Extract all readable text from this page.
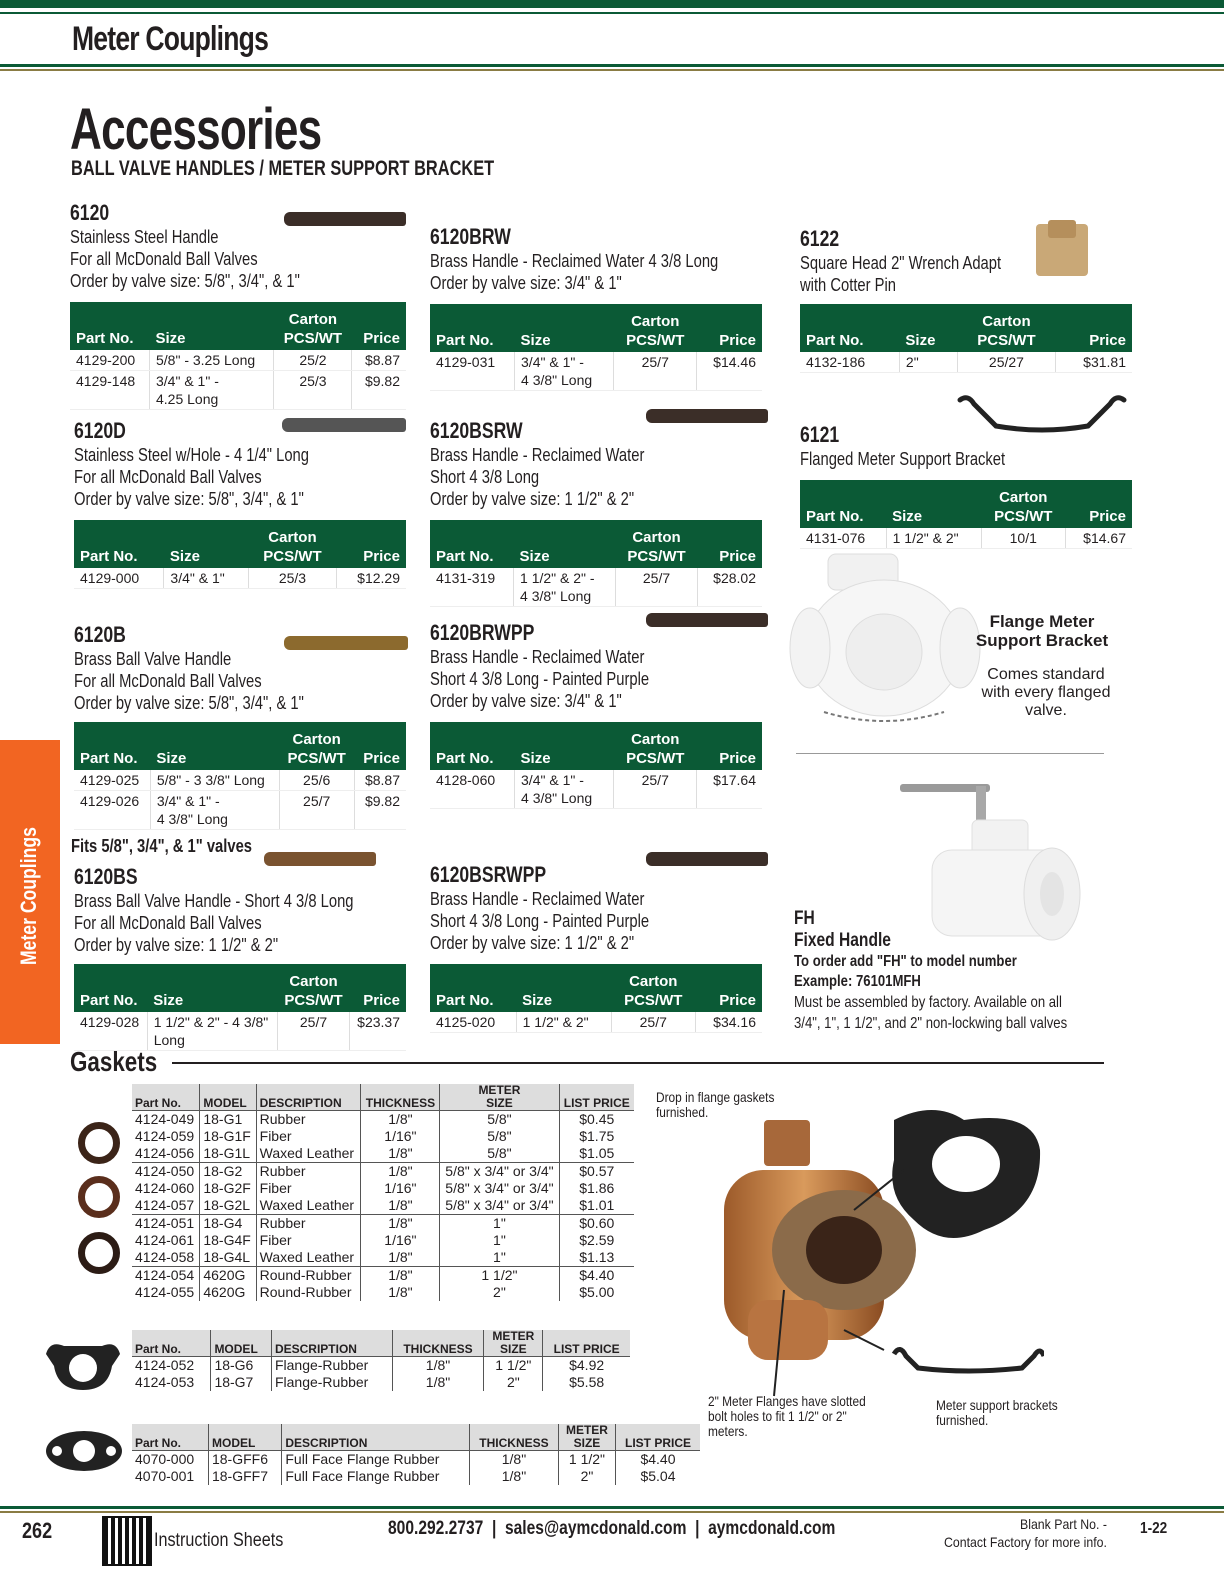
Meter Couplings
Accessories
BALL VALVE HANDLES / METER SUPPORT BRACKET
6120
Stainless Steel Handle
For all McDonald Ball Valves
Order by valve size: 5/8", 3/4", & 1"
Part No.	Size	Carton
PCS/WT	Price
4129-200	5/8" - 3.25 Long	25/2	$8.87
4129-148	3/4" & 1" -
4.25 Long	25/3	$9.82
6120D
Stainless Steel w/Hole - 4 1/4" Long
For all McDonald Ball Valves
Order by valve size: 5/8", 3/4", & 1"
Part No.	Size	Carton
PCS/WT	Price
4129-000	3/4" & 1"	25/3	$12.29
6120B
Brass Ball Valve Handle
For all McDonald Ball Valves
Order by valve size: 5/8", 3/4", & 1"
Part No.	Size	Carton
PCS/WT	Price
4129-025	5/8" - 3 3/8" Long	25/6	$8.87
4129-026	3/4" & 1" -
4 3/8" Long	25/7	$9.82
6120BS
Brass Ball Valve Handle - Short 4 3/8 Long
For all McDonald Ball Valves
Order by valve size: 1 1/2" & 2"
Part No.	Size	Carton
PCS/WT	Price
4129-028	1 1/2" & 2" - 4 3/8"
Long	25/7	$23.37
6120BRW
Brass Handle - Reclaimed Water 4 3/8 Long
Order by valve size: 3/4" & 1"
Part No.	Size	Carton
PCS/WT	Price
4129-031	3/4" & 1" -
4 3/8" Long	25/7	$14.46
6120BSRW
Brass Handle - Reclaimed Water
Short 4 3/8 Long
Order by valve size: 1 1/2" & 2"
Part No.	Size	Carton
PCS/WT	Price
4131-319	1 1/2" & 2" -
4 3/8" Long	25/7	$28.02
6120BRWPP
Brass Handle - Reclaimed Water
Short 4 3/8 Long - Painted Purple
Order by valve size: 3/4" & 1"
Part No.	Size	Carton
PCS/WT	Price
4128-060	3/4" & 1" -
4 3/8" Long	25/7	$17.64
6120BSRWPP
Brass Handle - Reclaimed Water
Short 4 3/8 Long - Painted Purple
Order by valve size: 1 1/2" & 2"
Part No.	Size	Carton
PCS/WT	Price
4125-020	1 1/2" & 2"	25/7	$34.16
6122
Square Head 2" Wrench Adapt
with Cotter Pin
Part No.	Size	Carton
PCS/WT	Price
4132-186	2"	25/27	$31.81
6121
Flanged Meter Support Bracket
Part No.	Size	Carton
PCS/WT	Price
4131-076	1 1/2" & 2"	10/1	$14.67
Fits 5/8", 3/4", & 1" valves
Flange Meter
Support Bracket
Comes standard
with every flanged
valve.
FH
Fixed Handle
To order add "FH" to model number
Example: 76101MFH
Must be assembled by factory. Available on all
3/4", 1", 1 1/2", and 2" non-lockwing ball valves
Meter Couplings
Gaskets
Part No.	MODEL	DESCRIPTION	THICKNESS	METER
SIZE	LIST PRICE
4124-049	18-G1	Rubber	1/8"	5/8"	$0.45
4124-059	18-G1F	Fiber	1/16"	5/8"	$1.75
4124-056	18-G1L	Waxed Leather	1/8"	5/8"	$1.05
4124-050	18-G2	Rubber	1/8"	5/8" x 3/4" or 3/4"	$0.57
4124-060	18-G2F	Fiber	1/16"	5/8" x 3/4" or 3/4"	$1.86
4124-057	18-G2L	Waxed Leather	1/8"	5/8" x 3/4" or 3/4"	$1.01
4124-051	18-G4	Rubber	1/8"	1"	$0.60
4124-061	18-G4F	Fiber	1/16"	1"	$2.59
4124-058	18-G4L	Waxed Leather	1/8"	1"	$1.13
4124-054	4620G	Round-Rubber	1/8"	1 1/2"	$4.40
4124-055	4620G	Round-Rubber	1/8"	2"	$5.00
Part No.	MODEL	DESCRIPTION	THICKNESS	METER
SIZE	LIST PRICE
4124-052	18-G6	Flange-Rubber	1/8"	1 1/2"	$4.92
4124-053	18-G7	Flange-Rubber	1/8"	2"	$5.58
Part No.	MODEL	DESCRIPTION	THICKNESS	METER
SIZE	LIST PRICE
4070-000	18-GFF6	Full Face Flange Rubber	1/8"	1 1/2"	$4.40
4070-001	18-GFF7	Full Face Flange Rubber	1/8"	2"	$5.04
Drop in flange gaskets furnished.
2" Meter Flanges have slotted bolt holes to fit 1 1/2" or 2" meters.
Meter support brackets furnished.
262	Instruction Sheets
800.292.2737  |  sales@aymcdonald.com  |  aymcdonald.com	Blank Part No. -
Contact Factory for more info.
1-22
